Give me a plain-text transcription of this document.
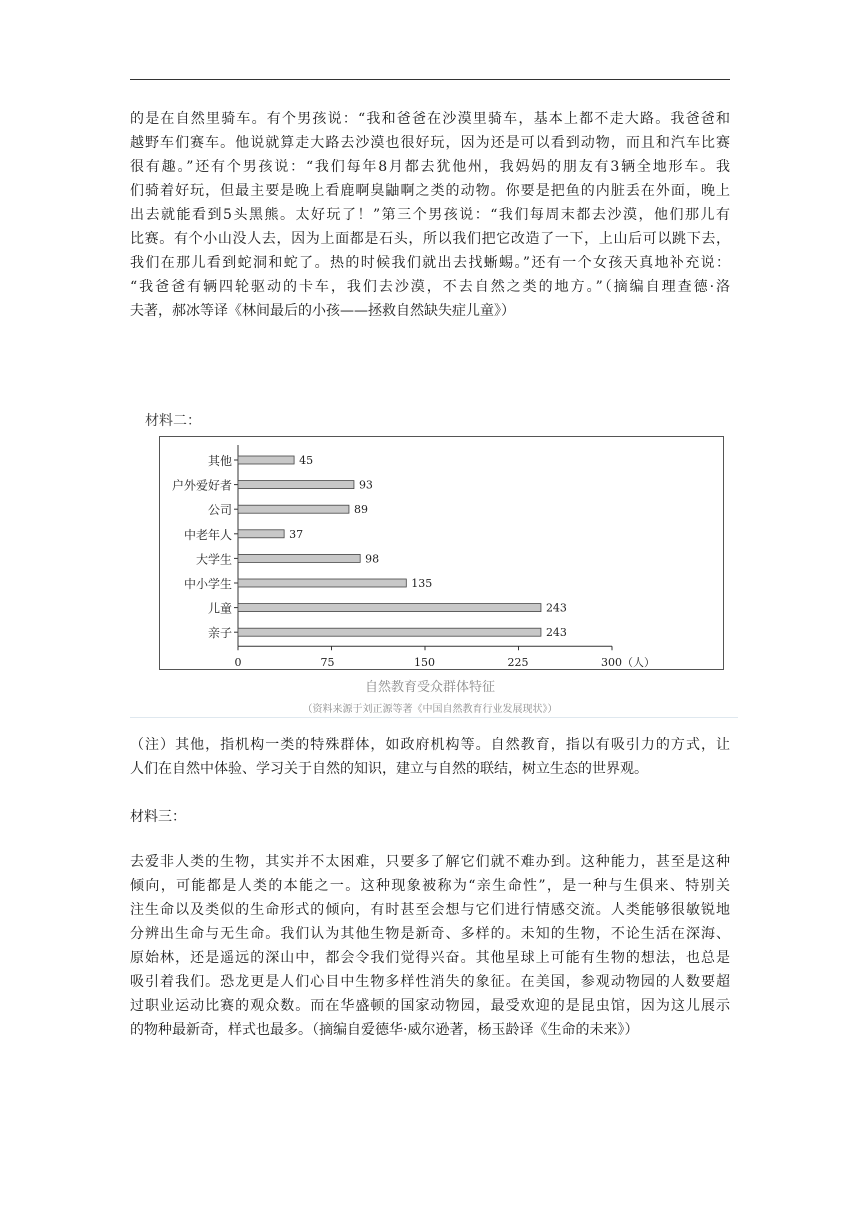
的是在自然里骑车。有个男孩说：“我和爸爸在沙漠里骑车，基本上都不走大路。我爸爸和
越野车们赛车。他说就算走大路去沙漠也很好玩，因为还是可以看到动物，而且和汽车比赛
很有趣。”还有个男孩说：“我们每年8月都去犹他州，我妈妈的朋友有3辆全地形车。我
们骑着好玩，但最主要是晚上看鹿啊臭鼬啊之类的动物。你要是把鱼的内脏丢在外面，晚上
出去就能看到5头黑熊。太好玩了！”第三个男孩说：“我们每周末都去沙漠，他们那儿有
比赛。有个小山没人去，因为上面都是石头，所以我们把它改造了一下，上山后可以跳下去，
我们在那儿看到蛇洞和蛇了。热的时候我们就出去找蜥蜴。”还有一个女孩天真地补充说：
“我爸爸有辆四轮驱动的卡车，我们去沙漠，不去自然之类的地方。”（摘编自理查德·洛
夫著，郝冰等译《林间最后的小孩——拯救自然缺失症儿童》）

材料二：

其他	45
户外爱好者	93
公司	89
中老年人	37
大学生	98
中小学生	135
儿童	243
亲子	243
0	75	150	225	300（人）

自然教育受众群体特征

（资料来源于刘正源等著《中国自然教育行业发展现状》）

（注）其他，指机构一类的特殊群体，如政府机构等。自然教育，指以有吸引力的方式，让
人们在自然中体验、学习关于自然的知识，建立与自然的联结，树立生态的世界观。

材料三：

去爱非人类的生物，其实并不太困难，只要多了解它们就不难办到。这种能力，甚至是这种
倾向，可能都是人类的本能之一。这种现象被称为“亲生命性”，是一种与生俱来、特别关
注生命以及类似的生命形式的倾向，有时甚至会想与它们进行情感交流。人类能够很敏锐地
分辨出生命与无生命。我们认为其他生物是新奇、多样的。未知的生物，不论生活在深海、
原始林，还是遥远的深山中，都会令我们觉得兴奋。其他星球上可能有生物的想法，也总是
吸引着我们。恐龙更是人们心目中生物多样性消失的象征。在美国，参观动物园的人数要超
过职业运动比赛的观众数。而在华盛顿的国家动物园，最受欢迎的是昆虫馆，因为这儿展示
的物种最新奇，样式也最多。（摘编自爱德华·威尔逊著，杨玉龄译《生命的未来》）
